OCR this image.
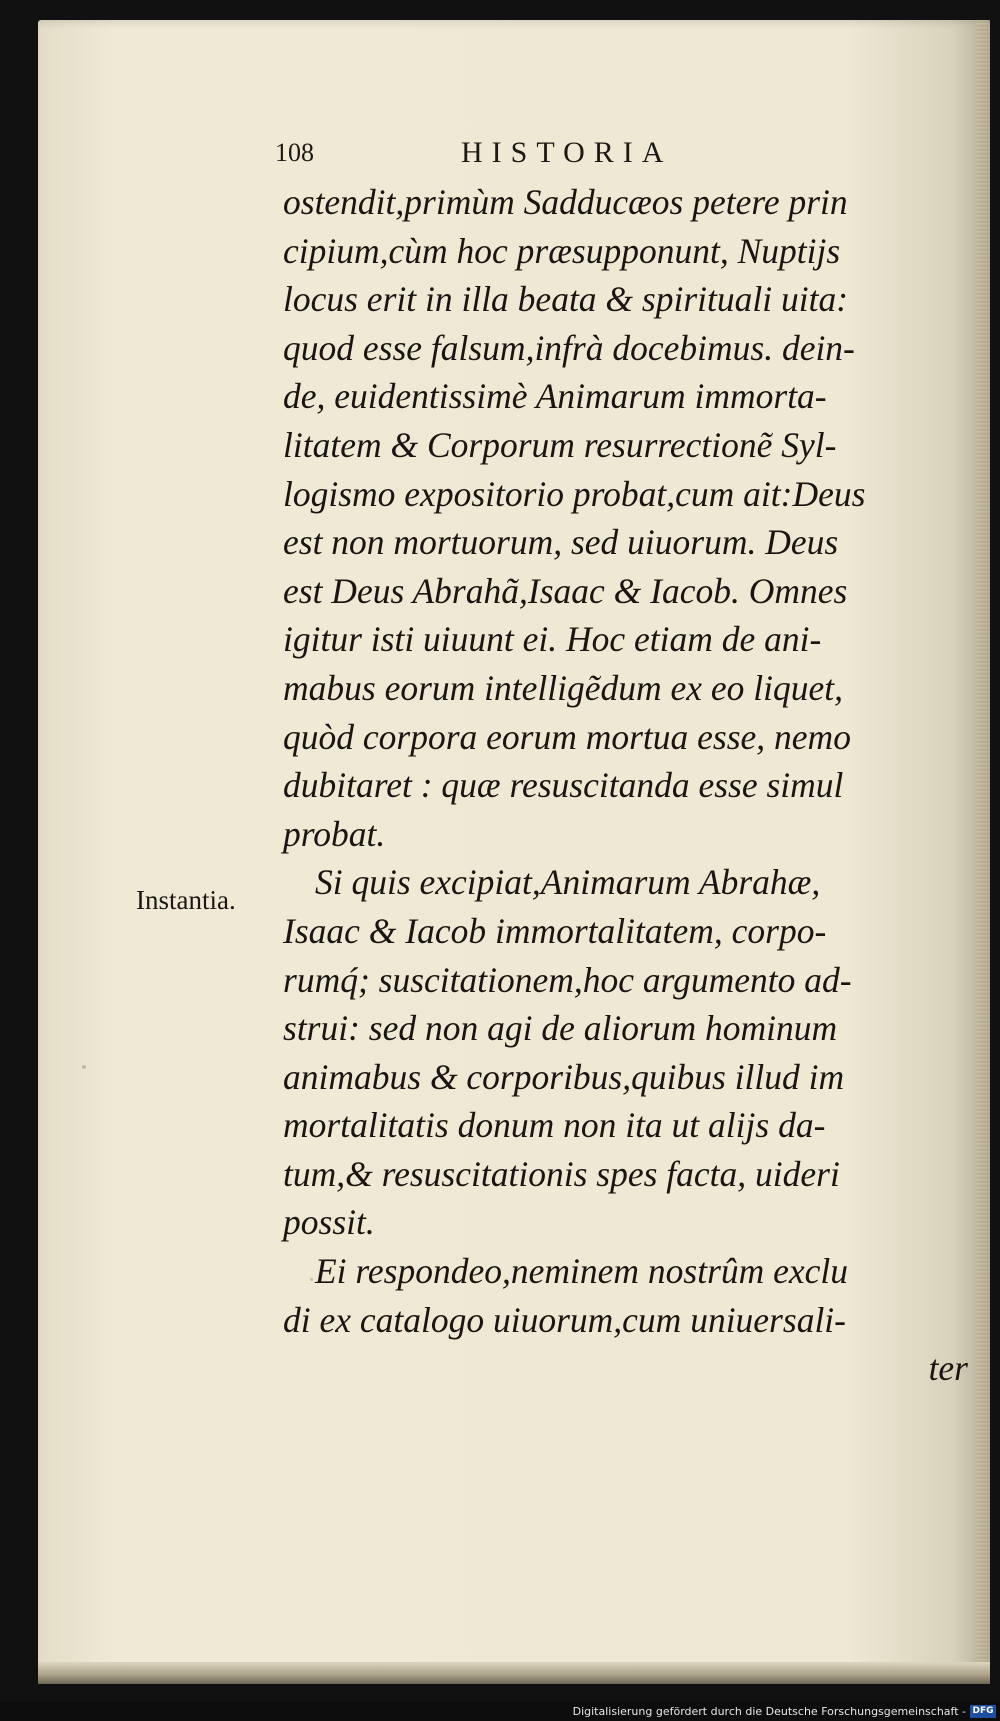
108	HISTORIA
Instantia.
ostendit,primùm Sadducæos petere prin
cipium,cùm hoc præsupponunt, Nuptijs
locus erit in illa beata & spirituali uita:
quod esse falsum,infrà docebimus. dein-
de, euidentissimè Animarum immorta-
litatem & Corporum resurrectionẽ Syl-
logismo expositorio probat,cum ait:Deus
est non mortuorum, sed uiuorum. Deus
est Deus Abrahã,Isaac & Iacob. Omnes
igitur isti uiuunt ei. Hoc etiam de ani-
mabus eorum intelligẽdum ex eo liquet,
quòd corpora eorum mortua esse, nemo
dubitaret : quæ resuscitanda esse simul
probat.
Si quis excipiat,Animarum Abrahæ,
Isaac & Iacob immortalitatem, corpo-
rumq́; suscitationem,hoc argumento ad-
strui: sed non agi de aliorum hominum
animabus & corporibus,quibus illud im
mortalitatis donum non ita ut alijs da-
tum,& resuscitationis spes facta, uideri
possit.
Ei respondeo,neminem nostrûm exclu
di ex catalogo uiuorum,cum uniuersali-
ter
Digitalisierung gefördert durch die Deutsche Forschungsgemeinschaft - DFG
